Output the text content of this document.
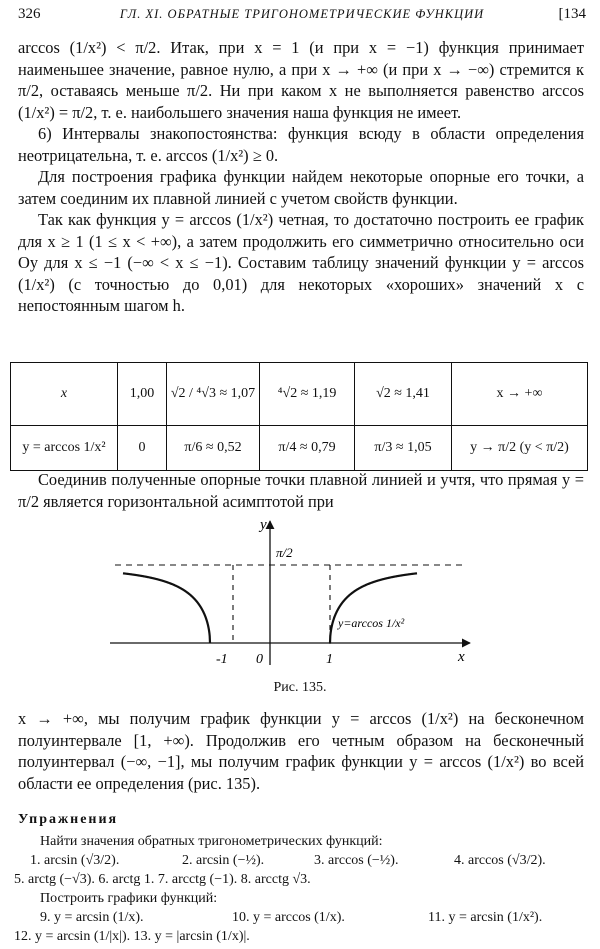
326	ГЛ. XI. ОБРАТНЫЕ ТРИГОНОМЕТРИЧЕСКИЕ ФУНКЦИИ	[134

arccos (1/x²) < π/2. Итак, при x = 1 (и при x = −1) функция принимает наименьшее значение, равное нулю, а при x → +∞ (и при x → −∞) стремится к π/2, оставаясь меньше π/2. Ни при каком x не выполняется равенство arccos (1/x²) = π/2, т. е. наибольшего значения наша функция не имеет.

6) Интервалы знакопостоянства: функция всюду в области определения неотрицательна, т. е. arccos (1/x²) ≥ 0.

Для построения графика функции найдем некоторые опорные его точки, а затем соединим их плавной линией с учетом свойств функции.

Так как функция y = arccos (1/x²) четная, то достаточно построить ее график для x ≥ 1 (1 ≤ x < +∞), а затем продолжить его симметрично относительно оси Oy для x ≤ −1 (−∞ < x ≤ −1). Составим таблицу значений функции y = arccos (1/x²) (с точностью до 0,01) для некоторых «хороших» значений x с непостоянным шагом h.

x	1,00	√2 / ⁴√3 ≈ 1,07	⁴√2 ≈ 1,19	√2 ≈ 1,41	x → +∞
y = arccos 1/x²	0	π/6 ≈ 0,52	π/4 ≈ 0,79	π/3 ≈ 1,05	y → π/2 (y < π/2)
Соединив полученные опорные точки плавной линией и учтя, что прямая y = π/2 является горизонтальной асимптотой при
y
x
0
-1	1
π/2
y=arccos 1/x²
Рис. 135.
x → +∞, мы получим график функции y = arccos (1/x²) на бесконечном полуинтервале [1, +∞). Продолжив его четным образом на бесконечный полуинтервал (−∞, −1], мы получим график функции y = arccos (1/x²) во всей области ее определения (рис. 135).
Упражнения
Найти значения обратных тригонометрических функций:
1. arcsin (√3/2).	2. arcsin (−½).	3. arccos (−½).	4. arccos (√3/2).
5. arctg (−√3). 6. arctg 1. 7. arcctg (−1). 8. arcctg √3.
Построить графики функций:
9. y = arcsin (1/x).	10. y = arccos (1/x).	11. y = arcsin (1/x²).
12. y = arcsin (1/|x|). 13. y = |arcsin (1/x)|.
